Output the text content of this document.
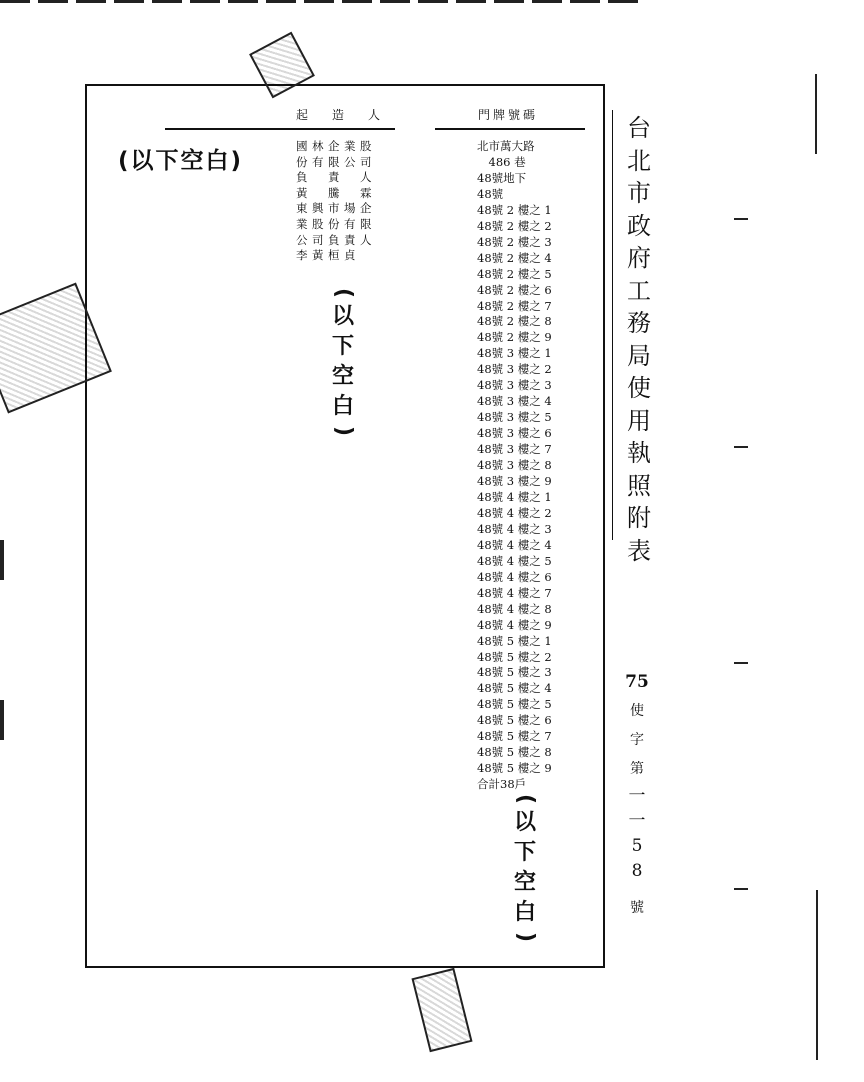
起造人	門牌號碼
(以下空白)
國林企業股
份有限公司
負　責　人
黃　騰　霖
東興市場企
業股份有限
公司負責人
李黃桓貞
(
以
下
空
白
)
北市萬大路
　486 巷
48號地下
48號
48號 2 樓之 1
48號 2 樓之 2
48號 2 樓之 3
48號 2 樓之 4
48號 2 樓之 5
48號 2 樓之 6
48號 2 樓之 7
48號 2 樓之 8
48號 2 樓之 9
48號 3 樓之 1
48號 3 樓之 2
48號 3 樓之 3
48號 3 樓之 4
48號 3 樓之 5
48號 3 樓之 6
48號 3 樓之 7
48號 3 樓之 8
48號 3 樓之 9
48號 4 樓之 1
48號 4 樓之 2
48號 4 樓之 3
48號 4 樓之 4
48號 4 樓之 5
48號 4 樓之 6
48號 4 樓之 7
48號 4 樓之 8
48號 4 樓之 9
48號 5 樓之 1
48號 5 樓之 2
48號 5 樓之 3
48號 5 樓之 4
48號 5 樓之 5
48號 5 樓之 6
48號 5 樓之 7
48號 5 樓之 8
48號 5 樓之 9
合計38戶
(
以
下
空
白
)
台
北
市
政
府
工
務
局
使
用
執
照
附
表
75
使
字
第
一
一
5
8
號
